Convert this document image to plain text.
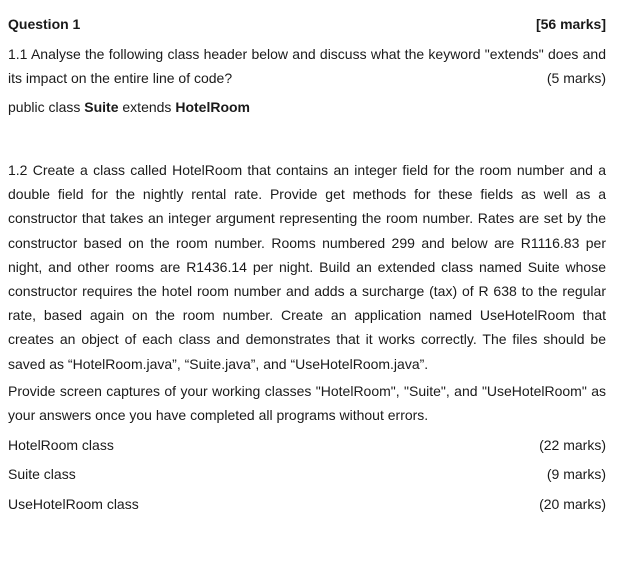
Question 1	[56 marks]
1.1 Analyse the following class header below and discuss what the keyword "extends" does and its impact on the entire line of code?	(5 marks)
public class Suite extends HotelRoom
1.2 Create a class called HotelRoom that contains an integer field for the room number and a double field for the nightly rental rate. Provide get methods for these fields as well as a constructor that takes an integer argument representing the room number. Rates are set by the constructor based on the room number. Rooms numbered 299 and below are R1116.83 per night, and other rooms are R1436.14 per night. Build an extended class named Suite whose constructor requires the hotel room number and adds a surcharge (tax) of R 638 to the regular rate, based again on the room number. Create an application named UseHotelRoom that creates an object of each class and demonstrates that it works correctly. The files should be saved as “HotelRoom.java”, “Suite.java”, and “UseHotelRoom.java”.
Provide screen captures of your working classes "HotelRoom", "Suite", and "UseHotelRoom" as your answers once you have completed all programs without errors.
HotelRoom class	(22 marks)
Suite class	(9 marks)
UseHotelRoom class	(20 marks)
